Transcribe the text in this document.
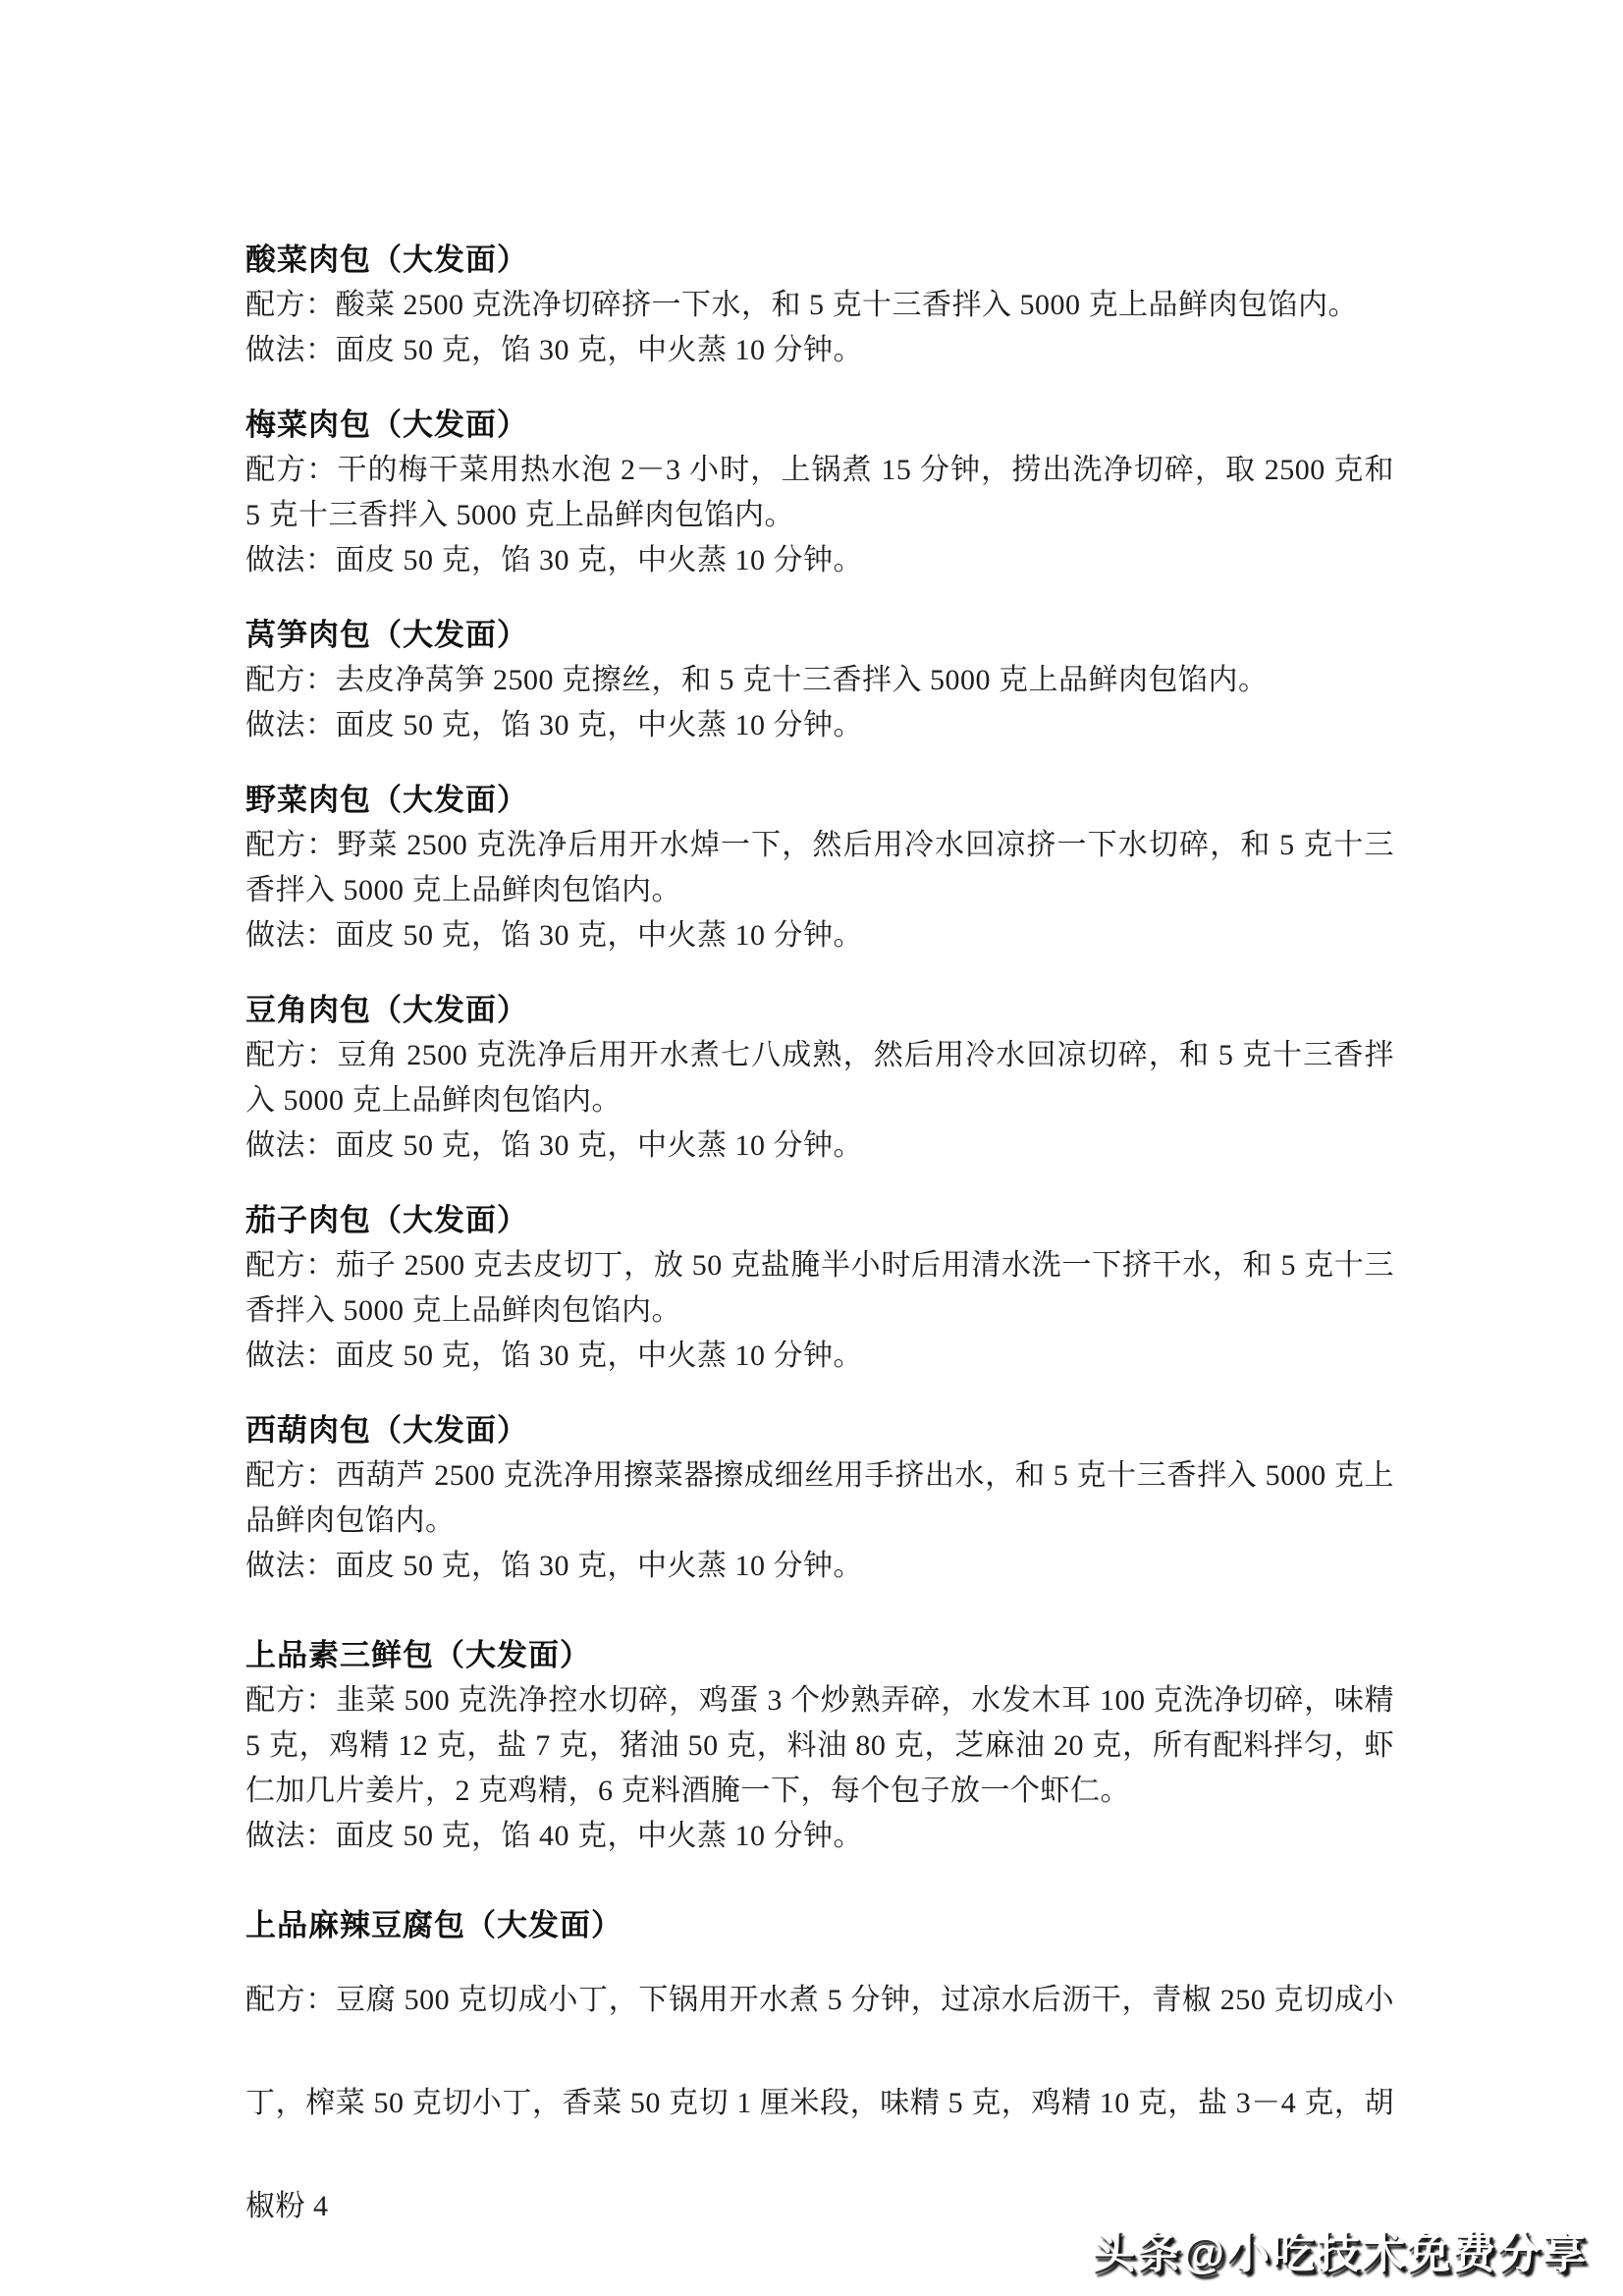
酸菜肉包（大发面）

配方：酸菜 2500 克洗净切碎挤一下水，和 5 克十三香拌入 5000 克上品鲜肉包馅内。

做法：面皮 50 克，馅 30 克，中火蒸 10 分钟。

梅菜肉包（大发面）

配方：干的梅干菜用热水泡 2－3 小时，上锅煮 15 分钟，捞出洗净切碎，取 2500 克和 5 克十三香拌入 5000 克上品鲜肉包馅内。

做法：面皮 50 克，馅 30 克，中火蒸 10 分钟。

莴笋肉包（大发面）

配方：去皮净莴笋 2500 克擦丝，和 5 克十三香拌入 5000 克上品鲜肉包馅内。

做法：面皮 50 克，馅 30 克，中火蒸 10 分钟。

野菜肉包（大发面）

配方：野菜 2500 克洗净后用开水焯一下，然后用冷水回凉挤一下水切碎，和 5 克十三香拌入 5000 克上品鲜肉包馅内。

做法：面皮 50 克，馅 30 克，中火蒸 10 分钟。

豆角肉包（大发面）

配方：豆角 2500 克洗净后用开水煮七八成熟，然后用冷水回凉切碎，和 5 克十三香拌入 5000 克上品鲜肉包馅内。

做法：面皮 50 克，馅 30 克，中火蒸 10 分钟。

茄子肉包（大发面）

配方：茄子 2500 克去皮切丁，放 50 克盐腌半小时后用清水洗一下挤干水，和 5 克十三香拌入 5000 克上品鲜肉包馅内。

做法：面皮 50 克，馅 30 克，中火蒸 10 分钟。

西葫肉包（大发面）

配方：西葫芦 2500 克洗净用擦菜器擦成细丝用手挤出水，和 5 克十三香拌入 5000 克上品鲜肉包馅内。

做法：面皮 50 克，馅 30 克，中火蒸 10 分钟。

上品素三鲜包（大发面）

配方：韭菜 500 克洗净控水切碎，鸡蛋 3 个炒熟弄碎，水发木耳 100 克洗净切碎，味精 5 克，鸡精 12 克，盐 7 克，猪油 50 克，料油 80 克，芝麻油 20 克，所有配料拌匀，虾仁加几片姜片，2 克鸡精，6 克料酒腌一下，每个包子放一个虾仁。

做法：面皮 50 克，馅 40 克，中火蒸 10 分钟。

上品麻辣豆腐包（大发面）

配方：豆腐 500 克切成小丁，下锅用开水煮 5 分钟，过凉水后沥干，青椒 250 克切成小丁，榨菜 50 克切小丁，香菜 50 克切 1 厘米段，味精 5 克，鸡精 10 克，盐 3－4 克，胡椒粉 4

头条@小吃技术免费分享
